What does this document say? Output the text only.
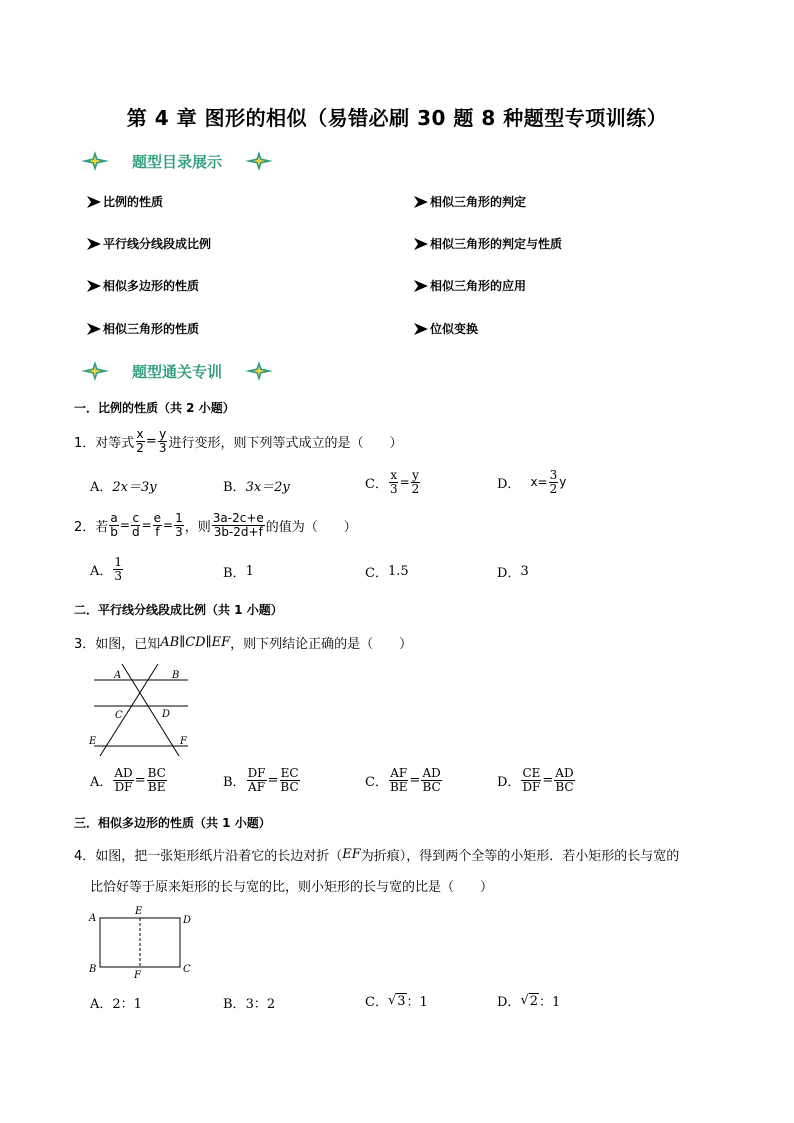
第 4 章 图形的相似（易错必刷 30 题 8 种题型专项训练）
题型目录展示
比例的性质
平行线分线段成比例
相似多边形的性质
相似三角形的性质
相似三角形的判定
相似三角形的判定与性质
相似三角形的应用
位似变换
题型通关专训
一．比例的性质（共 2 小题）
1．对等式 $\frac{x}{2} = \frac{y}{3}$ 进行变形，则下列等式成立的是（　　）
A． 2x＝3y	B． 3x＝2y	C． $\frac{x}{3} = \frac{y}{2}$	D． $x= \frac{3}{2}$ y
2．若 $\frac{a}{b} = \frac{c}{d} = \frac{e}{f} = \frac{1}{3}$ ，则 $\frac{3a-2c+e}{3b-2d+f}$ 的值为（　　）
A． $\frac{1}{3}$	B． 1	C． 1.5	D． 3
二．平行线分线段成比例（共 1 小题）
3．如图，已知 AB∥CD∥EF ，则下列结论正确的是（　　）
A	B
C	D
E	F
A． $\frac{AD}{DF} = \frac{BC}{BE}$	B． $\frac{DF}{AF} = \frac{EC}{BC}$	C． $\frac{AF}{BE} = \frac{AD}{BC}$	D． $\frac{CE}{DF} = \frac{AD}{BC}$
三．相似多边形的性质（共 1 小题）
4．如图，把一张矩形纸片沿着它的长边对折（ EF 为折痕），得到两个全等的小矩形．若小矩形的长与宽的
比恰好等于原来矩形的长与宽的比，则小矩形的长与宽的比是（　　）
A
E
D
B
F
C
A． 2：1	B． 3：2	C． √ 3 ：1	D． √ 2 ：1
